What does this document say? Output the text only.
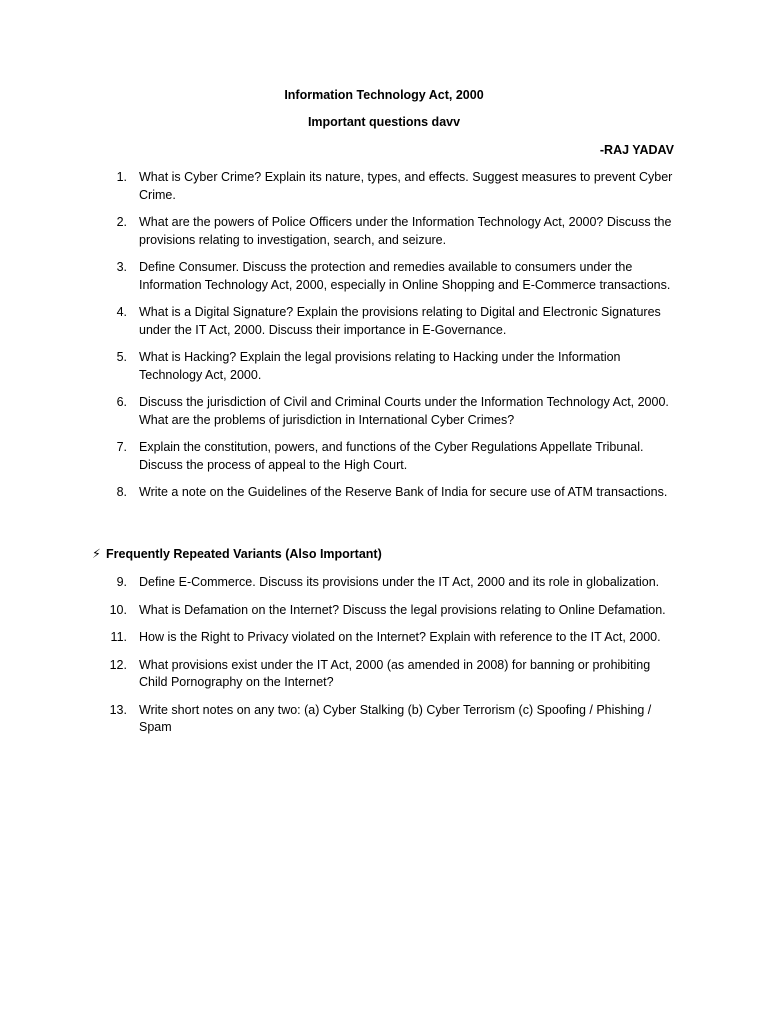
Information Technology Act, 2000
Important questions davv
-RAJ YADAV
1. What is Cyber Crime? Explain its nature, types, and effects. Suggest measures to prevent Cyber Crime.
2. What are the powers of Police Officers under the Information Technology Act, 2000? Discuss the provisions relating to investigation, search, and seizure.
3. Define Consumer. Discuss the protection and remedies available to consumers under the Information Technology Act, 2000, especially in Online Shopping and E-Commerce transactions.
4. What is a Digital Signature? Explain the provisions relating to Digital and Electronic Signatures under the IT Act, 2000. Discuss their importance in E-Governance.
5. What is Hacking? Explain the legal provisions relating to Hacking under the Information Technology Act, 2000.
6. Discuss the jurisdiction of Civil and Criminal Courts under the Information Technology Act, 2000. What are the problems of jurisdiction in International Cyber Crimes?
7. Explain the constitution, powers, and functions of the Cyber Regulations Appellate Tribunal. Discuss the process of appeal to the High Court.
8. Write a note on the Guidelines of the Reserve Bank of India for secure use of ATM transactions.
⚡ Frequently Repeated Variants (Also Important)
9. Define E-Commerce. Discuss its provisions under the IT Act, 2000 and its role in globalization.
10. What is Defamation on the Internet? Discuss the legal provisions relating to Online Defamation.
11. How is the Right to Privacy violated on the Internet? Explain with reference to the IT Act, 2000.
12. What provisions exist under the IT Act, 2000 (as amended in 2008) for banning or prohibiting Child Pornography on the Internet?
13. Write short notes on any two: (a) Cyber Stalking (b) Cyber Terrorism (c) Spoofing / Phishing / Spam
